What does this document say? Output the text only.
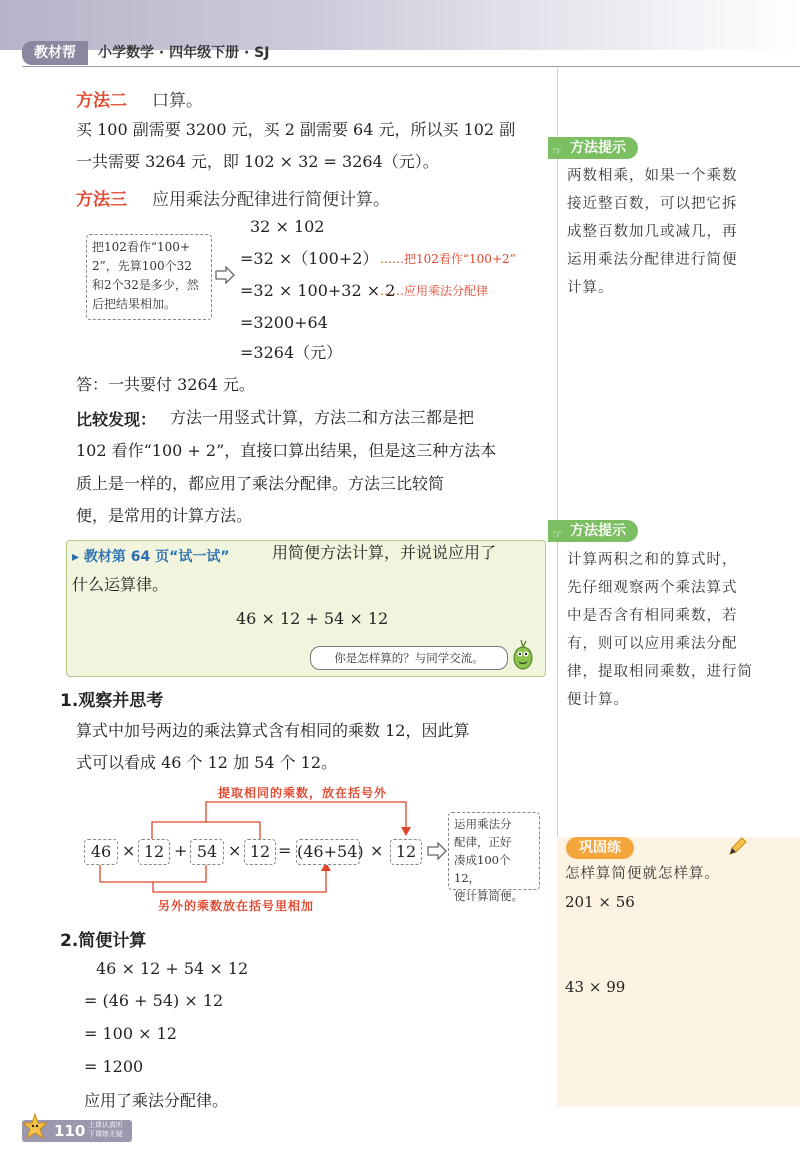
教材帮	小学数学 · 四年级下册 · SJ
方法二 口算。
买 100 副需要 3200 元，买 2 副需要 64 元，所以买 102 副
一共需要 3264 元，即 102 × 32 = 3264（元）。
方法三 应用乘法分配律进行简便计算。
把102看作“100+
2”，先算100个32
和2个32是多少，然
后把结果相加。
32 × 102
=32 ×（100+2）
=32 × 100+32 × 2
=3200+64
=3264（元）
……把102看作“100+2”
……应用乘法分配律
答：一共要付 3264 元。
比较发现： 方法一用竖式计算，方法二和方法三都是把
102 看作“100 + 2”，直接口算出结果，但是这三种方法本
质上是一样的，都应用了乘法分配律。方法三比较简
便，是常用的计算方法。
☞ 方法提示
两数相乘，如果一个乘数
接近整百数，可以把它拆
成整百数加几或减几，再
运用乘法分配律进行简便
计算。
☞ 方法提示
计算两积之和的算式时，
先仔细观察两个乘法算式
中是否含有相同乘数，若
有，则可以应用乘法分配
律，提取相同乘数，进行简
便计算。
▸ 教材第 64 页“试一试”	用简便方法计算，并说说应用了
什么运算律。
46 × 12 + 54 × 12
你是怎样算的？与同学交流。
1.观察并思考
算式中加号两边的乘法算式含有相同的乘数 12，因此算
式可以看成 46 个 12 加 54 个 12。
提取相同的乘数，放在括号外
46 × 12 + 54 × 12 = (46+54) × 12
运用乘法分
配律，正好
凑成100个12，
使计算简便。
另外的乘数放在括号里相加
2.简便计算
46 × 12 + 54 × 12
= (46 + 54) × 12
= 100 × 12
= 1200
应用了乘法分配律。
巩固练
怎样算简便就怎样算。
201 × 56
43 × 99
110 上课认真听
下课练无疑
